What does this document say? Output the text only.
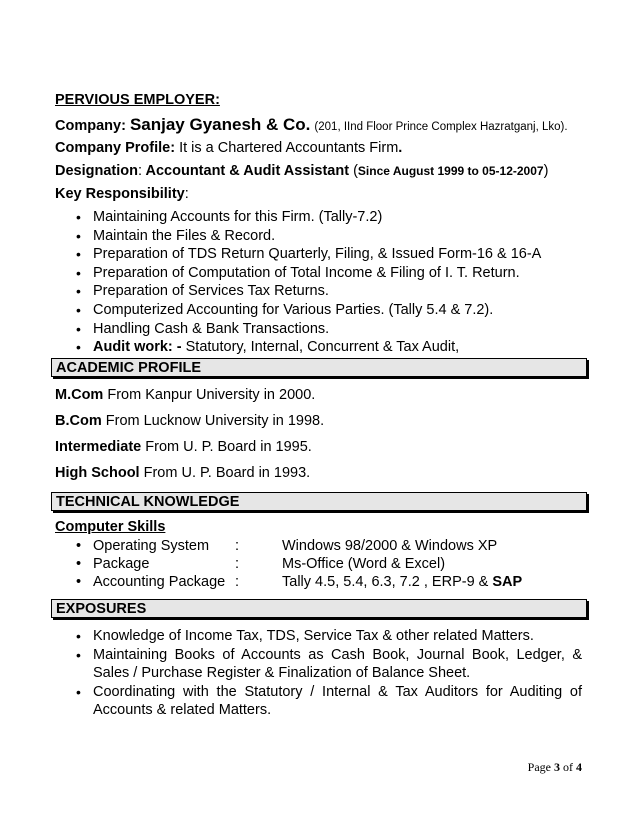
PERVIOUS EMPLOYER:
Company: Sanjay Gyanesh & Co. (201, IInd Floor Prince Complex Hazratganj, Lko).
Company Profile: It is a Chartered Accountants Firm.
Designation: Accountant & Audit Assistant (Since August 1999 to 05-12-2007)
Key Responsibility:
• Maintaining Accounts for this Firm. (Tally-7.2)
• Maintain the Files & Record.
• Preparation of TDS Return Quarterly, Filing, & Issued Form-16 & 16-A
• Preparation of Computation of Total Income & Filing of I. T. Return.
• Preparation of Services Tax Returns.
• Computerized Accounting for Various Parties. (Tally 5.4 & 7.2).
• Handling Cash & Bank Transactions.
• Audit work: - Statutory, Internal, Concurrent & Tax Audit,
ACADEMIC PROFILE
M.Com From Kanpur University in 2000.
B.Com From Lucknow University in 1998.
Intermediate From U. P. Board in 1995.
High School From U. P. Board in 1993.
TECHNICAL KNOWLEDGE
Computer Skills
• Operating System :	Windows 98/2000 & Windows XP
• Package	:	Ms-Office (Word & Excel)
• Accounting Package :	Tally 4.5, 5.4, 6.3, 7.2 , ERP-9 & SAP
EXPOSURES
• Knowledge of Income Tax, TDS, Service Tax & other related Matters.
• Maintaining Books of Accounts as Cash Book, Journal Book, Ledger, & Sales / Purchase Register & Finalization of Balance Sheet.
• Coordinating with the Statutory / Internal & Tax Auditors for Auditing of Accounts & related Matters.
Page 3 of 4
